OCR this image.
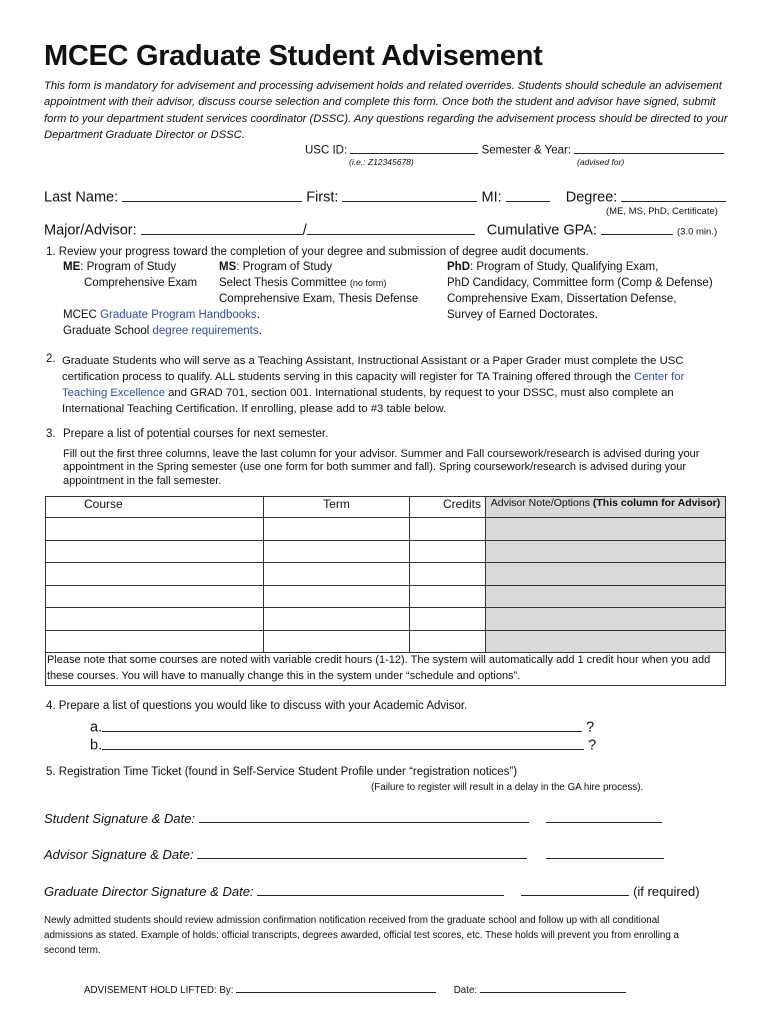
MCEC Graduate Student Advisement
This form is mandatory for advisement and processing advisement holds and related overrides. Students should schedule an advisement appointment with their advisor, discuss course selection and complete this form. Once both the student and advisor have signed, submit form to your department student services coordinator (DSSC). Any questions regarding the advisement process should be directed to your Department Graduate Director or DSSC.
USC ID:	Semester & Year:
(i.e.: Z12345678)	(advised for)
Last Name:	First:	MI:	Degree:
(ME, MS, PhD, Certificate)
Major/Advisor:	/	Cumulative GPA:	(3.0 min.)
1. Review your progress toward the completion of your degree and submission of degree audit documents.
ME: Program of Study
Comprehensive Exam
MS: Program of Study
Select Thesis Committee (no form)
Comprehensive Exam, Thesis Defense
PhD: Program of Study, Qualifying Exam,
PhD Candidacy, Committee form (Comp & Defense)
Comprehensive Exam, Dissertation Defense,
Survey of Earned Doctorates.
MCEC Graduate Program Handbooks.
Graduate School degree requirements.
2. Graduate Students who will serve as a Teaching Assistant, Instructional Assistant or a Paper Grader must complete the USC certification process to qualify. ALL students serving in this capacity will register for TA Training offered through the Center for Teaching Excellence and GRAD 701, section 001. International students, by request to your DSSC, must also complete an International Teaching Certification. If enrolling, please add to #3 table below.
3. Prepare a list of potential courses for next semester.
Fill out the first three columns, leave the last column for your advisor. Summer and Fall coursework/research is advised during your appointment in the Spring semester (use one form for both summer and fall). Spring coursework/research is advised during your appointment in the fall semester.
Course	Term	Credits	Advisor Note/Options (This column for Advisor)

Please note that some courses are noted with variable credit hours (1-12). The system will automatically add 1 credit hour when you add these courses. You will have to manually change this in the system under “schedule and options”.			
4. Prepare a list of questions you would like to discuss with your Academic Advisor.
a.	?
b.	?
5. Registration Time Ticket (found in Self-Service Student Profile under “registration notices”)
(Failure to register will result in a delay in the GA hire process).
Student Signature & Date:
Advisor Signature & Date:
Graduate Director Signature & Date:	(if required)
Newly admitted students should review admission confirmation notification received from the graduate school and follow up with all conditional admissions as stated. Example of holds: official transcripts, degrees awarded, official test scores, etc. These holds will prevent you from enrolling a second term.
ADVISEMENT HOLD LIFTED: By:	Date:
